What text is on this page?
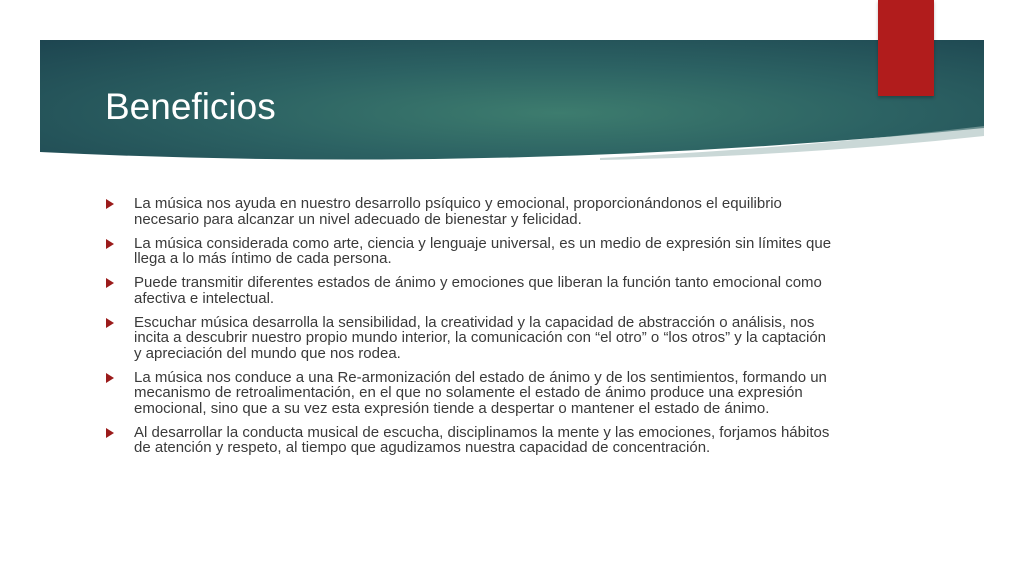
Beneficios
La música nos ayuda en nuestro desarrollo psíquico y emocional, proporcionándonos el equilibrio necesario para alcanzar un nivel adecuado de bienestar y felicidad.
La música considerada como arte, ciencia y lenguaje universal, es un medio de expresión sin límites que llega a lo más íntimo de cada persona.
Puede transmitir diferentes estados de ánimo y emociones que liberan la función tanto emocional como afectiva e intelectual.
Escuchar música desarrolla la sensibilidad, la creatividad y la capacidad de abstracción o análisis, nos incita a descubrir nuestro propio mundo interior, la comunicación con “el otro” o “los otros” y la captación y apreciación del mundo que nos rodea.
La música nos conduce a una Re-armonización del estado de ánimo y de los sentimientos, formando un mecanismo de retroalimentación, en el que no solamente el estado de ánimo produce una expresión emocional, sino que a su vez esta expresión tiende a despertar o mantener el estado de ánimo.
Al desarrollar la conducta musical de escucha, disciplinamos la mente y las emociones, forjamos hábitos de atención y respeto, al tiempo que agudizamos nuestra capacidad de concentración.
